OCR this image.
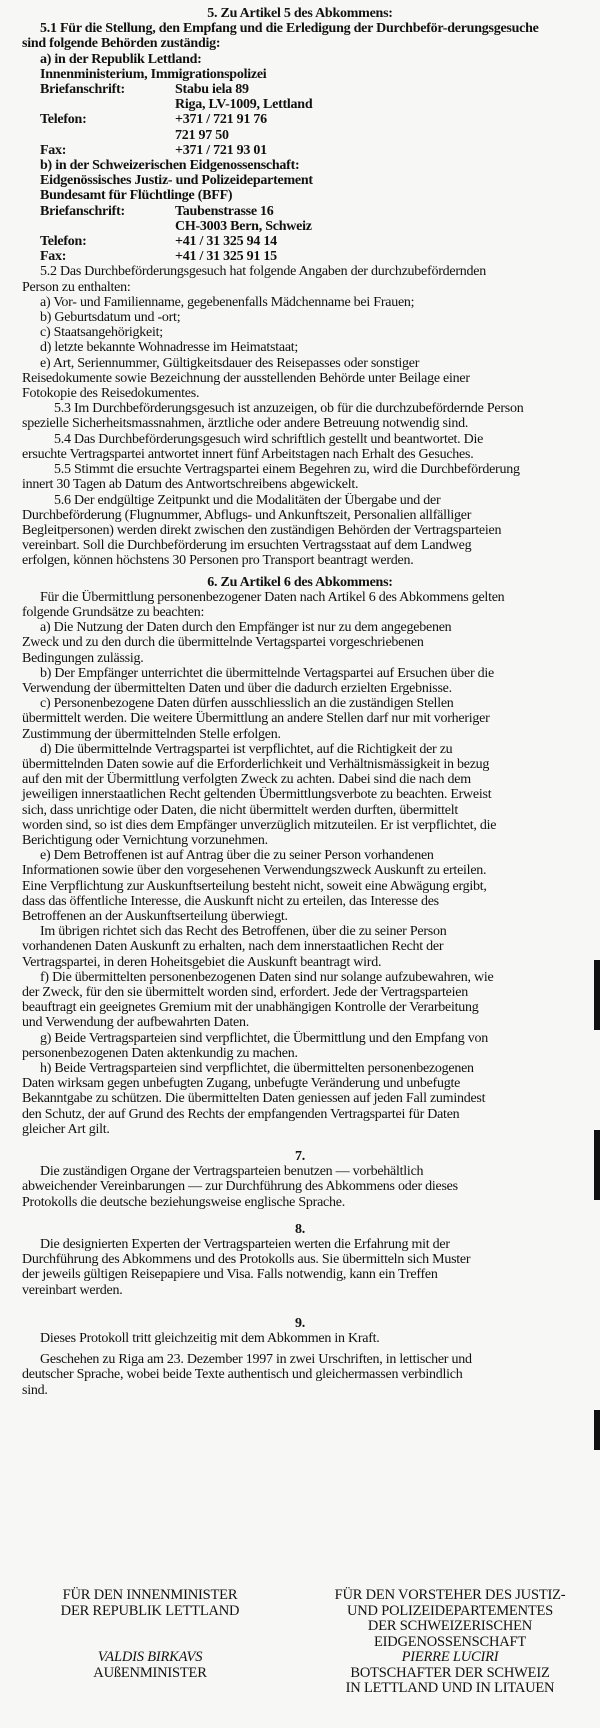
5. Zu Artikel 5 des Abkommens:
5.1 Für die Stellung, den Empfang und die Erledigung der Durchbeför-derungsgesuche
sind folgende Behörden zuständig:
a) in der Republik Lettland:
Innenministerium, Immigrationspolizei
Briefanschrift:	Stabu iela 89
Riga, LV-1009, Lettland
Telefon:	+371 / 721 91 76
721 97 50
Fax:	+371 / 721 93 01
b) in der Schweizerischen Eidgenossenschaft:
Eidgenössisches Justiz- und Polizeidepartement
Bundesamt für Flüchtlinge (BFF)
Briefanschrift:	Taubenstrasse 16
CH-3003 Bern, Schweiz
Telefon:	+41 / 31 325 94 14
Fax:	+41 / 31 325 91 15
5.2 Das Durchbeförderungsgesuch hat folgende Angaben der durchzubefördernden
Person zu enthalten:
a) Vor- und Familienname, gegebenenfalls Mädchenname bei Frauen;
b) Geburtsdatum und -ort;
c) Staatsangehörigkeit;
d) letzte bekannte Wohnadresse im Heimatstaat;
e) Art, Seriennummer, Gültigkeitsdauer des Reisepasses oder sonstiger
Reisedokumente sowie Bezeichnung der ausstellenden Behörde unter Beilage einer
Fotokopie des Reisedokumentes.
5.3 Im Durchbeförderungsgesuch ist anzuzeigen, ob für die durchzubefördernde Person
spezielle Sicherheitsmassnahmen, ärztliche oder andere Betreuung notwendig sind.
5.4 Das Durchbeförderungsgesuch wird schriftlich gestellt und beantwortet. Die
ersuchte Vertragspartei antwortet innert fünf Arbeitstagen nach Erhalt des Gesuches.
5.5 Stimmt die ersuchte Vertragspartei einem Begehren zu, wird die Durchbeförderung
innert 30 Tagen ab Datum des Antwortschreibens abgewickelt.
5.6 Der endgültige Zeitpunkt und die Modalitäten der Übergabe und der
Durchbeförderung (Flugnummer, Abflugs- und Ankunftszeit, Personalien allfälliger
Begleitpersonen) werden direkt zwischen den zuständigen Behörden der Vertragsparteien
vereinbart. Soll die Durchbeförderung im ersuchten Vertragsstaat auf dem Landweg
erfolgen, können höchstens 30 Personen pro Transport beantragt werden.
6. Zu Artikel 6 des Abkommens:
Für die Übermittlung personenbezogener Daten nach Artikel 6 des Abkommens gelten
folgende Grundsätze zu beachten:
a) Die Nutzung der Daten durch den Empfänger ist nur zu dem angegebenen
Zweck und zu den durch die übermittelnde Vertagspartei vorgeschriebenen
Bedingungen zulässig.
b) Der Empfänger unterrichtet die übermittelnde Vertagspartei auf Ersuchen über die
Verwendung der übermittelten Daten und über die dadurch erzielten Ergebnisse.
c) Personenbezogene Daten dürfen ausschliesslich an die zuständigen Stellen
übermittelt werden. Die weitere Übermittlung an andere Stellen darf nur mit vorheriger
Zustimmung der übermittelnden Stelle erfolgen.
d) Die übermittelnde Vertragspartei ist verpflichtet, auf die Richtigkeit der zu
übermittelnden Daten sowie auf die Erforderlichkeit und Verhältnismässigkeit in bezug
auf den mit der Übermittlung verfolgten Zweck zu achten. Dabei sind die nach dem
jeweiligen innerstaatlichen Recht geltenden Übermittlungsverbote zu beachten. Erweist
sich, dass unrichtige oder Daten, die nicht übermittelt werden durften, übermittelt
worden sind, so ist dies dem Empfänger unverzüglich mitzuteilen. Er ist verpflichtet, die
Berichtigung oder Vernichtung vorzunehmen.
e) Dem Betroffenen ist auf Antrag über die zu seiner Person vorhandenen
Informationen sowie über den vorgesehenen Verwendungszweck Auskunft zu erteilen.
Eine Verpflichtung zur Auskunftserteilung besteht nicht, soweit eine Abwägung ergibt,
dass das öffentliche Interesse, die Auskunft nicht zu erteilen, das Interesse des
Betroffenen an der Auskunftserteilung überwiegt.
Im übrigen richtet sich das Recht des Betroffenen, über die zu seiner Person
vorhandenen Daten Auskunft zu erhalten, nach dem innerstaatlichen Recht der
Vertragspartei, in deren Hoheitsgebiet die Auskunft beantragt wird.
f) Die übermittelten personenbezogenen Daten sind nur solange aufzubewahren, wie
der Zweck, für den sie übermittelt worden sind, erfordert. Jede der Vertragsparteien
beauftragt ein geeignetes Gremium mit der unabhängigen Kontrolle der Verarbeitung
und Verwendung der aufbewahrten Daten.
g) Beide Vertragsparteien sind verpflichtet, die Übermittlung und den Empfang von
personenbezogenen Daten aktenkundig zu machen.
h) Beide Vertragsparteien sind verpflichtet, die übermittelten personenbezogenen
Daten wirksam gegen unbefugten Zugang, unbefugte Veränderung und unbefugte
Bekanntgabe zu schützen. Die übermittelten Daten geniessen auf jeden Fall zumindest
den Schutz, der auf Grund des Rechts der empfangenden Vertragspartei für Daten
gleicher Art gilt.
7.
Die zuständigen Organe der Vertragsparteien benutzen — vorbehältlich
abweichender Vereinbarungen — zur Durchführung des Abkommens oder dieses
Protokolls die deutsche beziehungsweise englische Sprache.
8.
Die designierten Experten der Vertragsparteien werten die Erfahrung mit der
Durchführung des Abkommens und des Protokolls aus. Sie übermitteln sich Muster
der jeweils gültigen Reisepapiere und Visa. Falls notwendig, kann ein Treffen
vereinbart werden.
9.
Dieses Protokoll tritt gleichzeitig mit dem Abkommen in Kraft.
Geschehen zu Riga am 23. Dezember 1997 in zwei Urschriften, in lettischer und
deutscher Sprache, wobei beide Texte authentisch und gleichermassen verbindlich
sind.
FÜR DEN INNENMINISTER
DER REPUBLIK LETTLAND
VALDIS BIRKAVS
AUßENMINISTER
FÜR DEN VORSTEHER DES JUSTIZ-
UND POLIZEIDEPARTEMENTES
DER SCHWEIZERISCHEN
EIDGENOSSENSCHAFT
PIERRE LUCIRI
BOTSCHAFTER DER SCHWEIZ
IN LETTLAND UND IN LITAUEN
